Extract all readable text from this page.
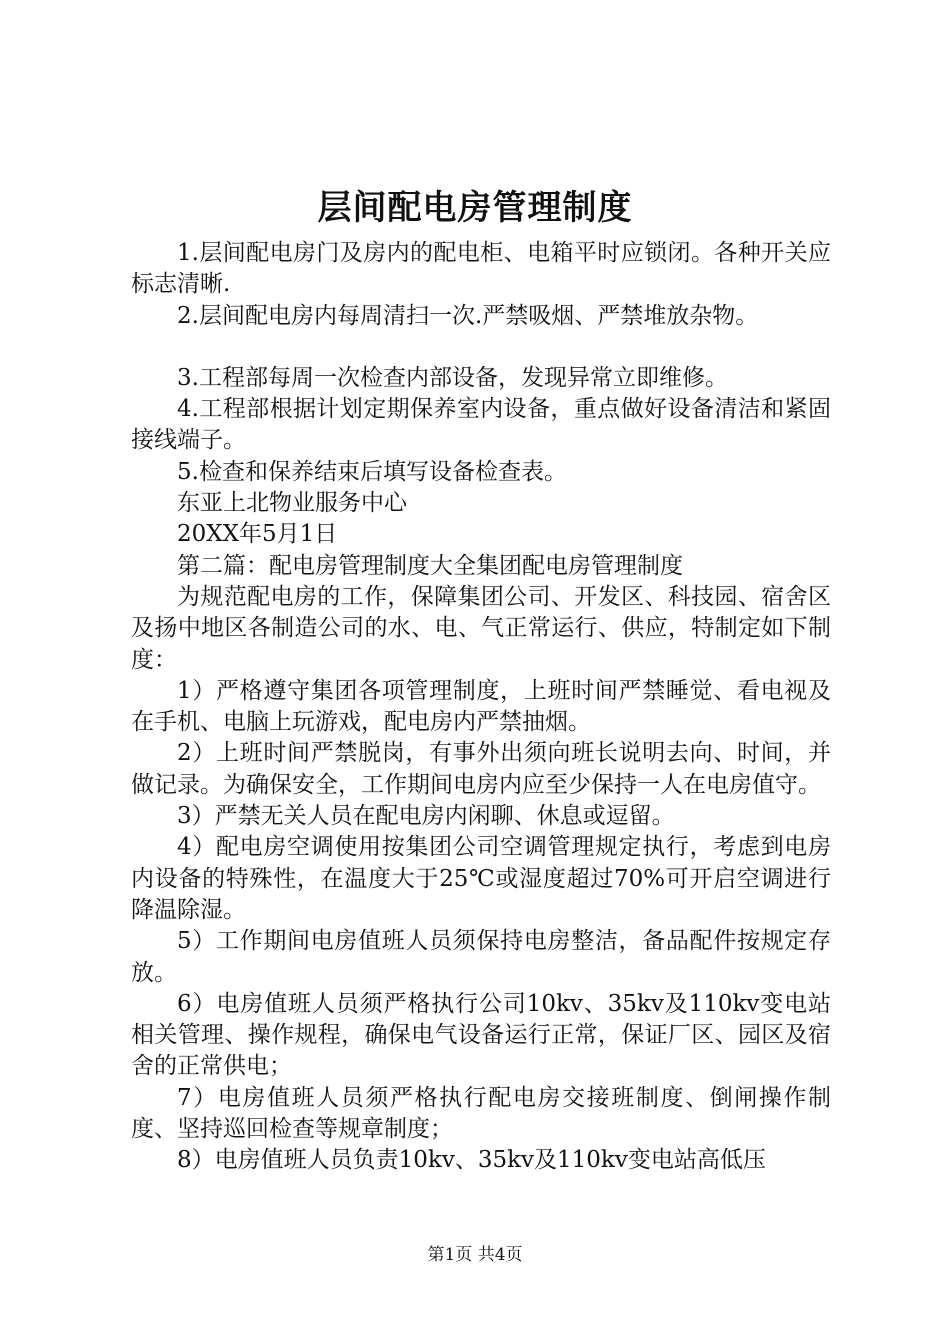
层间配电房管理制度

1.层间配电房门及房内的配电柜、电箱平时应锁闭。各种开关应标志清晰.

2.层间配电房内每周清扫一次.严禁吸烟、严禁堆放杂物。

3.工程部每周一次检查内部设备，发现异常立即维修。

4.工程部根据计划定期保养室内设备，重点做好设备清洁和紧固接线端子。

5.检查和保养结束后填写设备检查表。

东亚上北物业服务中心

20XX年5月1日

第二篇：配电房管理制度大全集团配电房管理制度

为规范配电房的工作，保障集团公司、开发区、科技园、宿舍区及扬中地区各制造公司的水、电、气正常运行、供应，特制定如下制度：

1）严格遵守集团各项管理制度，上班时间严禁睡觉、看电视及在手机、电脑上玩游戏，配电房内严禁抽烟。

2）上班时间严禁脱岗，有事外出须向班长说明去向、时间，并做记录。为确保安全，工作期间电房内应至少保持一人在电房值守。

3）严禁无关人员在配电房内闲聊、休息或逗留。

4）配电房空调使用按集团公司空调管理规定执行，考虑到电房内设备的特殊性，在温度大于25℃或湿度超过70%可开启空调进行降温除湿。

5）工作期间电房值班人员须保持电房整洁，备品配件按规定存放。

6）电房值班人员须严格执行公司10kv、35kv及110kv变电站相关管理、操作规程，确保电气设备运行正常，保证厂区、园区及宿舍的正常供电；

7）电房值班人员须严格执行配电房交接班制度、倒闸操作制度、坚持巡回检查等规章制度；

8）电房值班人员负责10kv、35kv及110kv变电站高低压

第1页 共4页
